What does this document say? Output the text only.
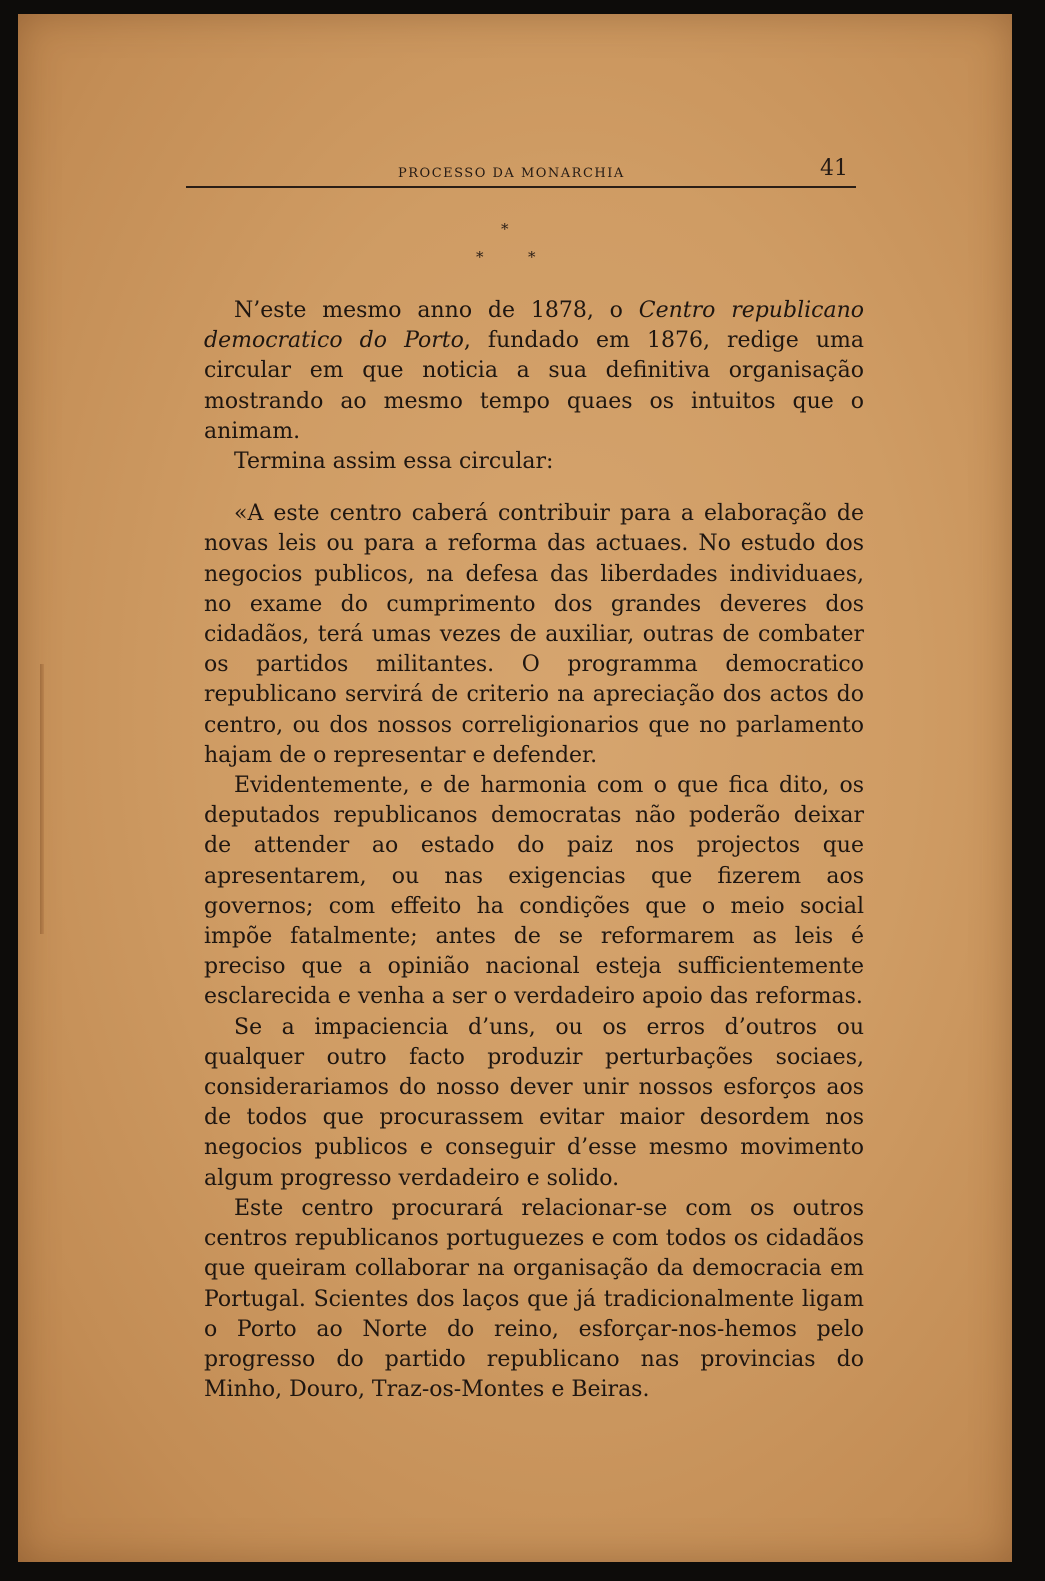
PROCESSO DA MONARCHIA	41
*
*	*

N’este mesmo anno de 1878, o Centro republicano democratico do Porto, fundado em 1876, redige uma circular em que noticia a sua definitiva organisação mostrando ao mesmo tempo quaes os intuitos que o animam.

Termina assim essa circular:

«A este centro caberá contribuir para a elaboração de novas leis ou para a reforma das actuaes. No estudo dos negocios publicos, na defesa das liberdades individuaes, no exame do cumprimento dos grandes deveres dos cidadãos, terá umas vezes de auxiliar, outras de combater os partidos militantes. O programma democratico republicano servirá de criterio na apreciação dos actos do centro, ou dos nossos correligionarios que no parlamento hajam de o representar e defender.

Evidentemente, e de harmonia com o que fica dito, os deputados republicanos democratas não poderão deixar de attender ao estado do paiz nos projectos que apresentarem, ou nas exigencias que fizerem aos governos; com effeito ha condições que o meio social impõe fatalmente; antes de se reformarem as leis é preciso que a opinião nacional esteja sufficientemente esclarecida e venha a ser o verdadeiro apoio das reformas.

Se a impaciencia d’uns, ou os erros d’outros ou qualquer outro facto produzir perturbações sociaes, considerariamos do nosso dever unir nossos esforços aos de todos que procurassem evitar maior desordem nos negocios publicos e conseguir d’esse mesmo movimento algum progresso verdadeiro e solido.

Este centro procurará relacionar-se com os outros centros republicanos portuguezes e com todos os cidadãos que queiram collaborar na organisação da democracia em Portugal. Scientes dos laços que já tradicionalmente ligam o Porto ao Norte do reino, esforçar-nos-hemos pelo progresso do partido republicano nas provincias do Minho, Douro, Traz-os-Montes e Beiras.
